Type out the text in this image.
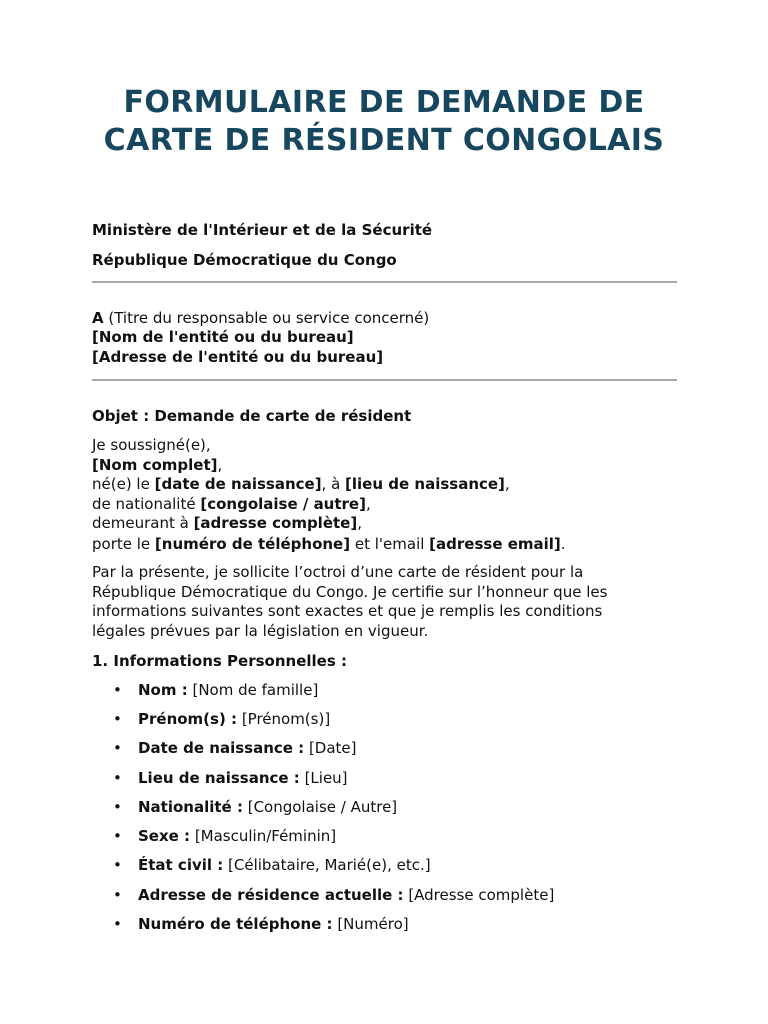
FORMULAIRE DE DEMANDE DE
CARTE DE RÉSIDENT CONGOLAIS
Ministère de l'Intérieur et de la Sécurité
République Démocratique du Congo
A (Titre du responsable ou service concerné)
[Nom de l'entité ou du bureau]
[Adresse de l'entité ou du bureau]
Objet : Demande de carte de résident
Je soussigné(e),
[Nom complet],
né(e) le [date de naissance], à [lieu de naissance],
de nationalité [congolaise / autre],
demeurant à [adresse complète],
porte le [numéro de téléphone] et l'email [adresse email].
Par la présente, je sollicite l’octroi d’une carte de résident pour la
République Démocratique du Congo. Je certifie sur l’honneur que les
informations suivantes sont exactes et que je remplis les conditions
légales prévues par la législation en vigueur.
1. Informations Personnelles :
• Nom : [Nom de famille]
• Prénom(s) : [Prénom(s)]
• Date de naissance : [Date]
• Lieu de naissance : [Lieu]
• Nationalité : [Congolaise / Autre]
• Sexe : [Masculin/Féminin]
• État civil : [Célibataire, Marié(e), etc.]
• Adresse de résidence actuelle : [Adresse complète]
• Numéro de téléphone : [Numéro]
